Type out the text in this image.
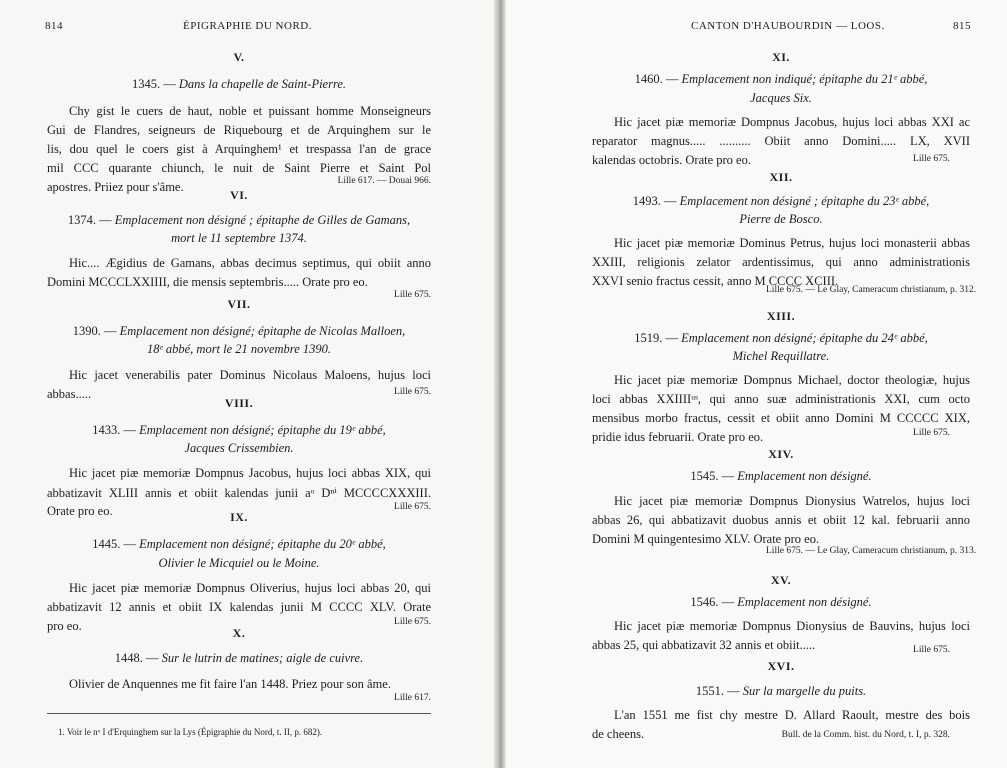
814	ÉPIGRAPHIE DU NORD.
V.
1345. — Dans la chapelle de Saint-Pierre.
Chy gist le cuers de haut, noble et puissant homme Monseigneurs
Gui de Flandres, seigneurs de Riquebourg et de Arquinghem sur le
lis, dou quel le coers gist à Arquinghem¹ et trespassa l'an de grace
mil CCC quarante chiunch, le nuit de Saint Pierre et Saint Pol
apostres. Priiez pour s'âme.	Lille 617. — Douai 966.
VI.
1374. — Emplacement non désigné ; épitaphe de Gilles de Gamans,
mort le 11 septembre 1374.
Hic.... Ægidius de Gamans, abbas decimus septimus, qui obiit anno
Domini MCCCLXXIIII, die mensis septembris..... Orate pro eo.
Lille 675.
VII.
1390. — Emplacement non désigné; épitaphe de Nicolas Malloen,
18ᵉ abbé, mort le 21 novembre 1390.
Hic jacet venerabilis pater Dominus Nicolaus Maloens, hujus loci
abbas.....	Lille 675.
VIII.
1433. — Emplacement non désigné; épitaphe du 19ᵉ abbé,
Jacques Crissembien.
Hic jacet piæ memoriæ Dompnus Jacobus, hujus loci abbas XIX, qui
abbatizavit XLIII annis et obiit kalendas junii aᵒ Dⁿⁱ MCCCCXXXIII.
Orate pro eo.	Lille 675.
IX.
1445. — Emplacement non désigné; épitaphe du 20ᵉ abbé,
Olivier le Micquiel ou le Moine.
Hic jacet piæ memoriæ Dompnus Oliverius, hujus loci abbas 20, qui
abbatizavit 12 annis et obiit IX kalendas junii M CCCC XLV. Orate
pro eo.	Lille 675.
X.
1448. — Sur le lutrin de matines; aigle de cuivre.
Olivier de Anquennes me fit faire l'an 1448. Priez pour son âme.
Lille 617.
1. Voir le nᵒ I d'Erquinghem sur la Lys (Épigraphie du Nord, t. II, p. 682).
815
CANTON D'HAUBOURDIN — LOOS.
XI.
1460. — Emplacement non indiqué; épitaphe du 21ᵉ abbé,
Jacques Six.
Hic jacet piæ memoriæ Dompnus Jacobus, hujus loci abbas XXI ac
reparator magnus..... .......... Obiit anno Domini..... LX, XVII
kalendas octobris. Orate pro eo.	Lille 675.
XII.
1493. — Emplacement non désigné ; épitaphe du 23ᵉ abbé,
Pierre de Bosco.
Hic jacet piæ memoriæ Dominus Petrus, hujus loci monasterii abbas
XXIII, religionis zelator ardentissimus, qui anno administrationis
XXVI senio fractus cessit, anno M CCCC XCIII.
Lille 675. — Le Glay, Cameracum christianum, p. 312.
XIII.
1519. — Emplacement non désigné; épitaphe du 24ᵉ abbé,
Michel Requillatre.
Hic jacet piæ memoriæ Dompnus Michael, doctor theologiæ, hujus
loci abbas XXIIIIᵘˢ, qui anno suæ administrationis XXI, cum octo
mensibus morbo fractus, cessit et obiit anno Domini M CCCCC XIX,
pridie idus februarii. Orate pro eo.	Lille 675.
XIV.
1545. — Emplacement non désigné.
Hic jacet piæ memoriæ Dompnus Dionysius Watrelos, hujus loci
abbas 26, qui abbatizavit duobus annis et obiit 12 kal. februarii anno
Domini M quingentesimo XLV. Orate pro eo.
Lille 675. — Le Glay, Cameracum christianum, p. 313.
XV.
1546. — Emplacement non désigné.
Hic jacet piæ memoriæ Dompnus Dionysius de Bauvins, hujus loci
abbas 25, qui abbatizavit 32 annis et obiit.....	Lille 675.
XVI.
1551. — Sur la margelle du puits.
L'an 1551 me fist chy mestre D. Allard Raoult, mestre des bois
de cheens.	Bull. de la Comm. hist. du Nord, t. I, p. 328.
